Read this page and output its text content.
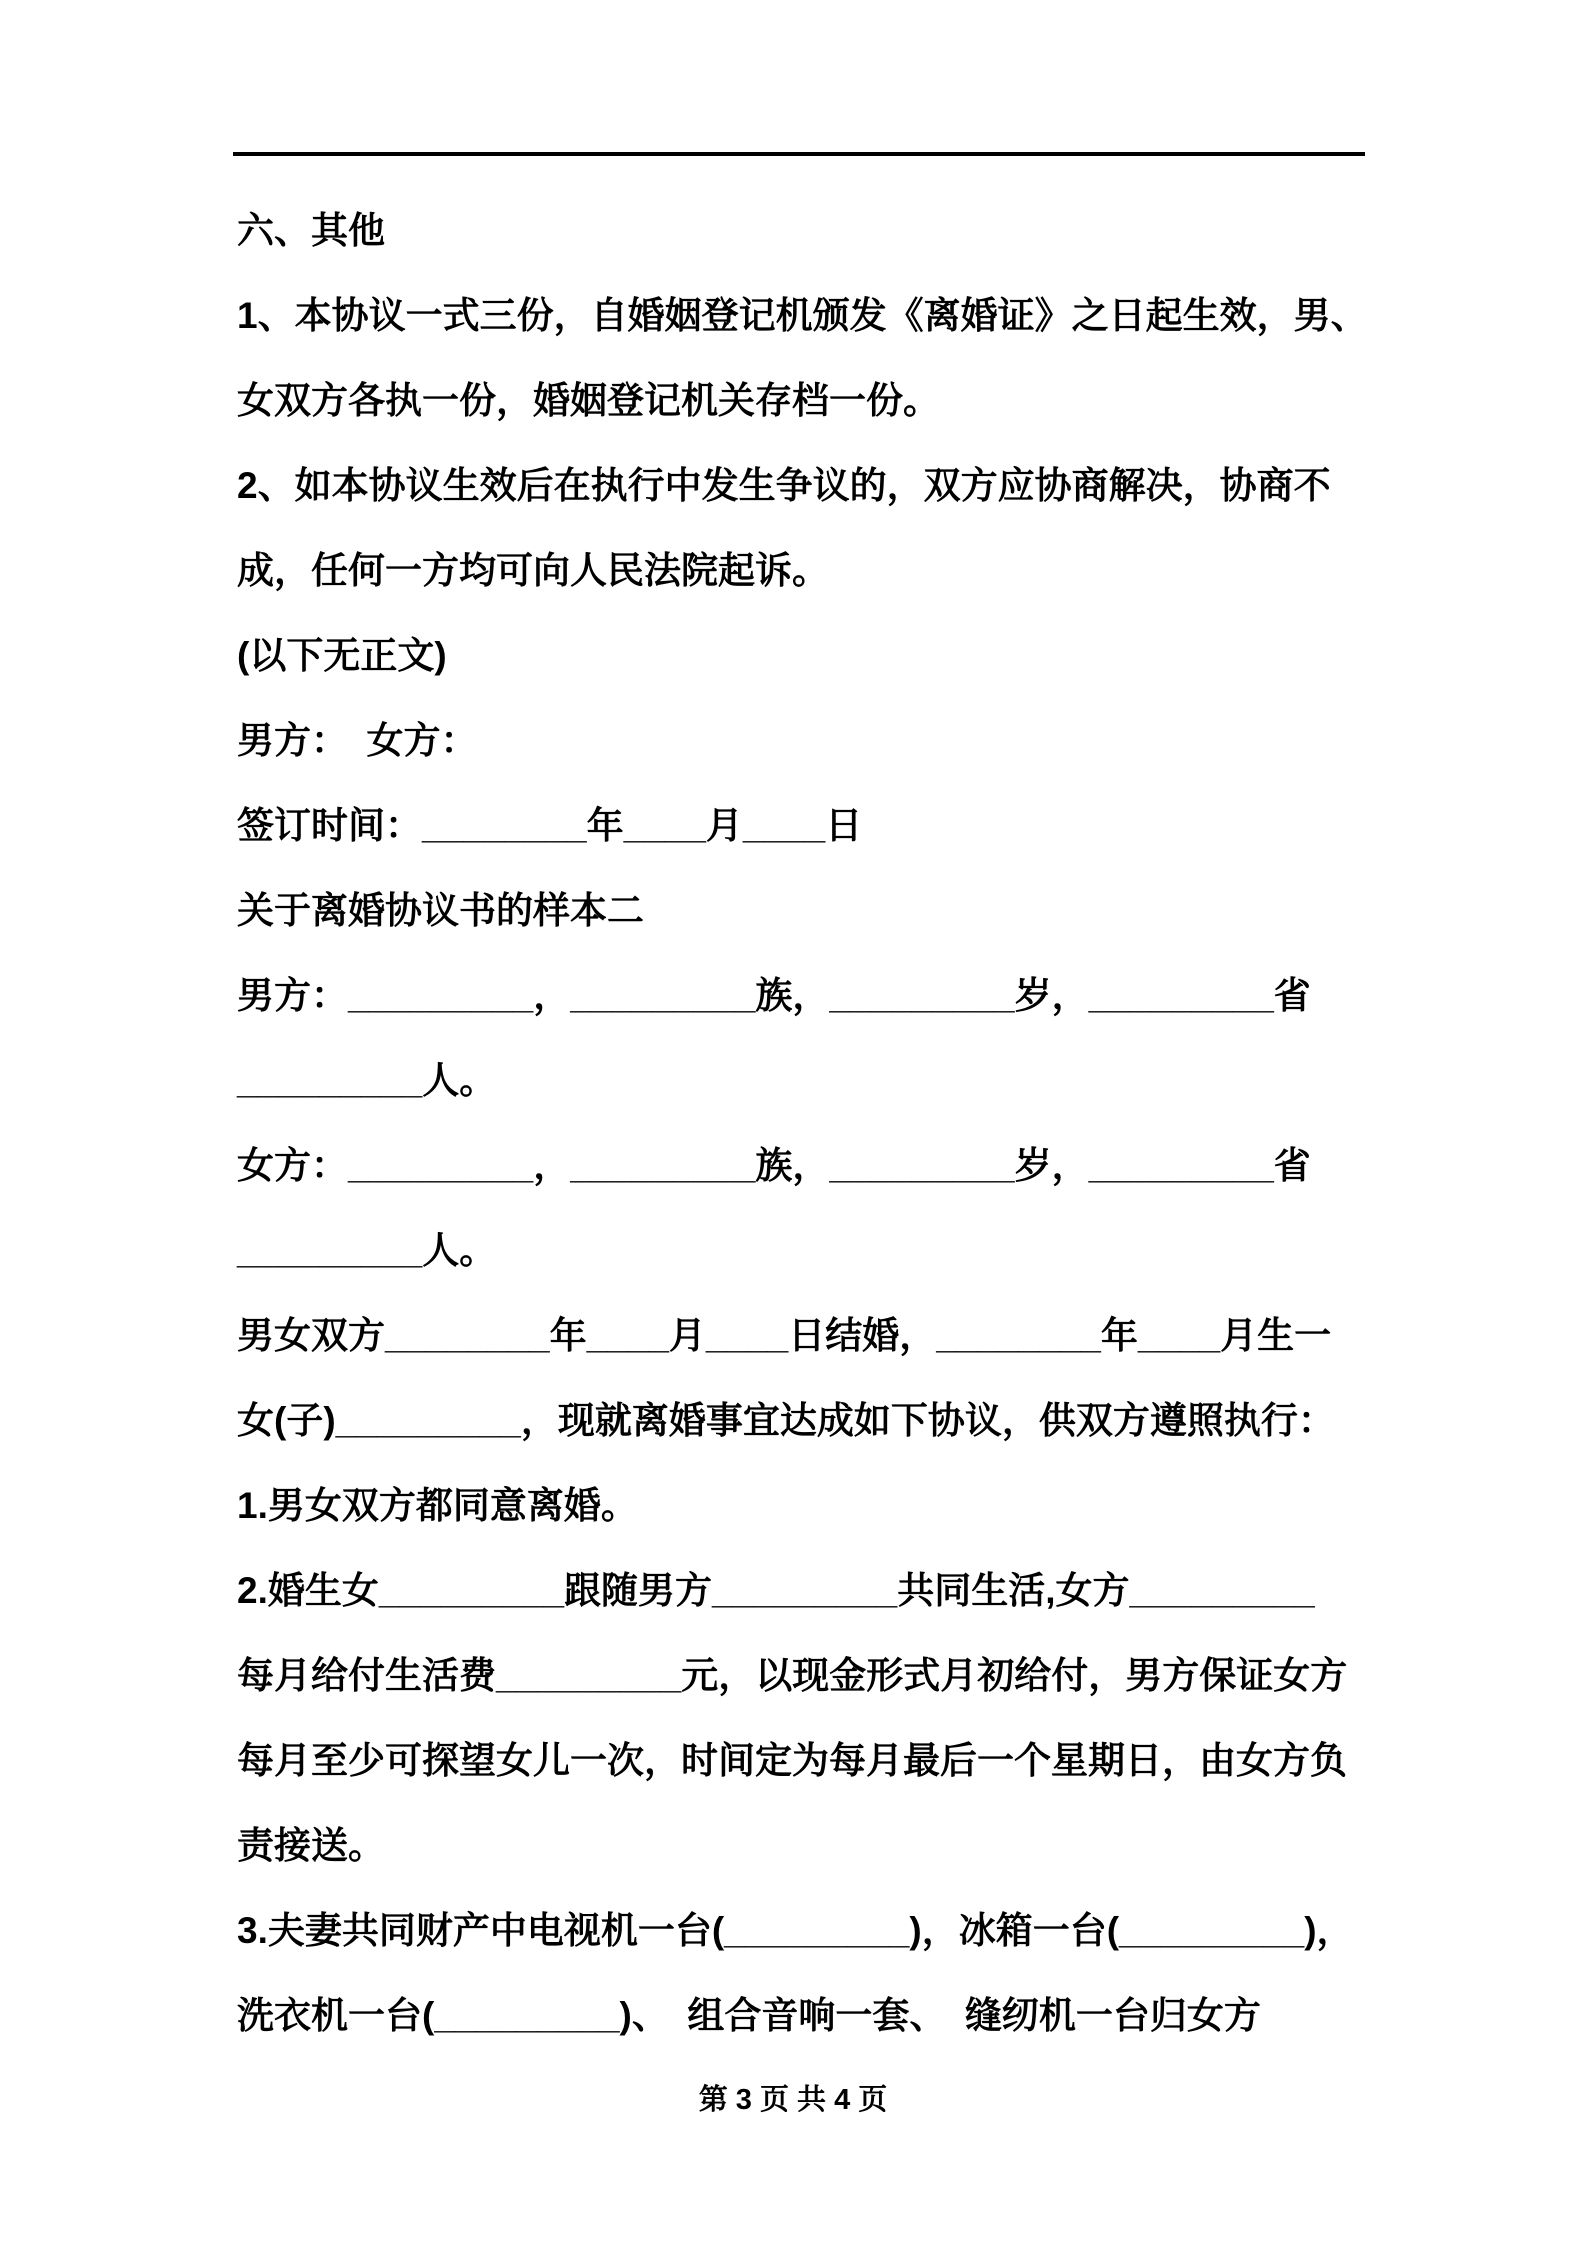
六、其他
1、本协议一式三份，自婚姻登记机颁发《离婚证》之日起生效，男、
女双方各执一份，婚姻登记机关存档一份。
2、如本协议生效后在执行中发生争议的，双方应协商解决，协商不
成，任何一方均可向人民法院起诉。
(以下无正文)
男方：　女方：
签订时间：________年____月____日
关于离婚协议书的样本二
男方：_________，_________族，_________岁，_________省
_________人。
女方：_________，_________族，_________岁，_________省
_________人。
男女双方________年____月____日结婚，________年____月生一
女(子)_________，现就离婚事宜达成如下协议，供双方遵照执行：
1.男女双方都同意离婚。
2.婚生女_________跟随男方_________共同生活,女方_________
每月给付生活费_________元，以现金形式月初给付，男方保证女方
每月至少可探望女儿一次，时间定为每月最后一个星期日，由女方负
责接送。
3.夫妻共同财产中电视机一台(_________)，冰箱一台(_________)，
洗衣机一台(_________)、　组合音响一套、　缝纫机一台归女方
第 3 页 共 4 页
